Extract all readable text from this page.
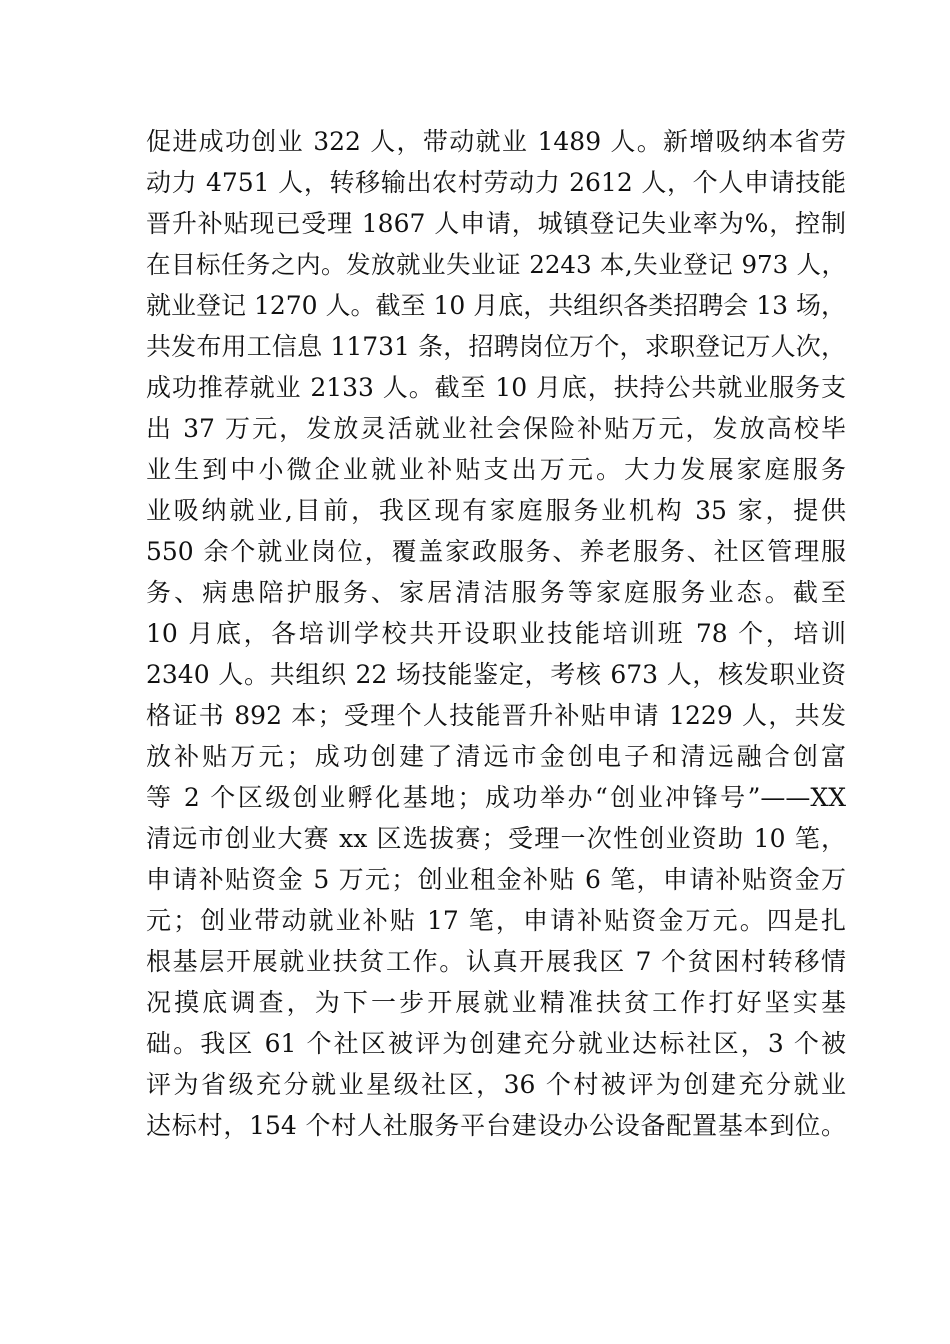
促进成功创业 322 人，带动就业 1489 人。新增吸纳本省劳
动力 4751 人，转移输出农村劳动力 2612 人，个人申请技能
晋升补贴现已受理 1867 人申请，城镇登记失业率为%，控制
在目标任务之内。发放就业失业证 2243 本,失业登记 973 人，
就业登记 1270 人。截至 10 月底，共组织各类招聘会 13 场，
共发布用工信息 11731 条，招聘岗位万个，求职登记万人次，
成功推荐就业 2133 人。截至 10 月底，扶持公共就业服务支
出 37 万元，发放灵活就业社会保险补贴万元，发放高校毕
业生到中小微企业就业补贴支出万元。大力发展家庭服务
业吸纳就业,目前，我区现有家庭服务业机构 35 家，提供
550 余个就业岗位，覆盖家政服务、养老服务、社区管理服
务、病患陪护服务、家居清洁服务等家庭服务业态。截至
10 月底，各培训学校共开设职业技能培训班 78 个，培训
2340 人。共组织 22 场技能鉴定，考核 673 人，核发职业资
格证书 892 本；受理个人技能晋升补贴申请 1229 人，共发
放补贴万元；成功创建了清远市金创电子和清远融合创富
等 2 个区级创业孵化基地；成功举办“创业冲锋号”——XX
清远市创业大赛 xx 区选拔赛；受理一次性创业资助 10 笔，
申请补贴资金 5 万元；创业租金补贴 6 笔，申请补贴资金万
元；创业带动就业补贴 17 笔，申请补贴资金万元。四是扎
根基层开展就业扶贫工作。认真开展我区 7 个贫困村转移情
况摸底调查，为下一步开展就业精准扶贫工作打好坚实基
础。我区 61 个社区被评为创建充分就业达标社区，3 个被
评为省级充分就业星级社区，36 个村被评为创建充分就业
达标村，154 个村人社服务平台建设办公设备配置基本到位。
